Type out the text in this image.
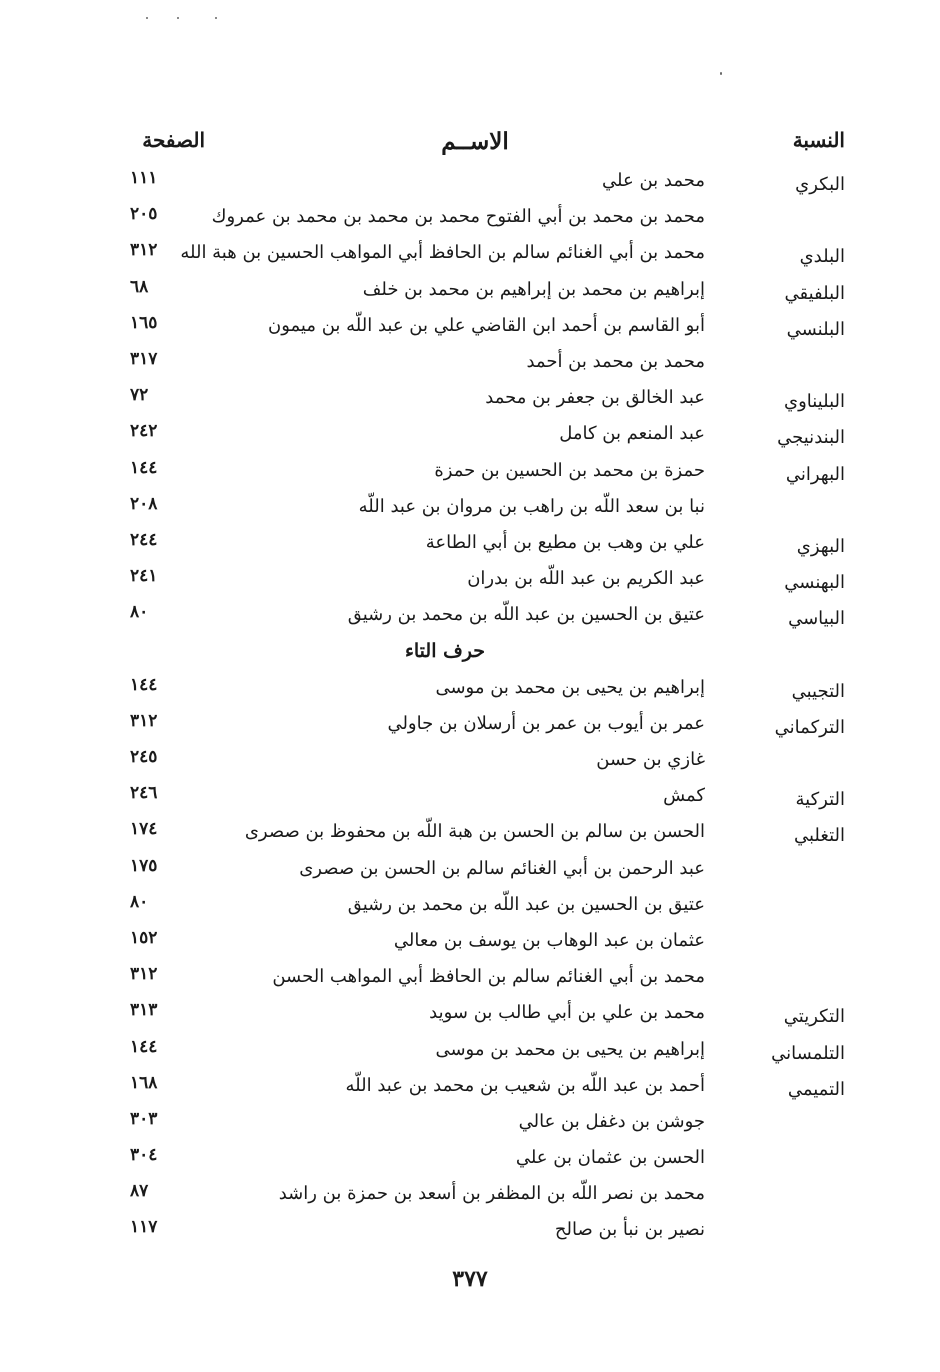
النسبة
الاســم
الصفحة
البكري
محمد بن علي
١١١
محمد بن محمد بن أبي الفتوح محمد بن محمد بن محمد بن عمروك
٢٠٥
البلدي
محمد بن أبي الغنائم سالم بن الحافظ أبي المواهب الحسين بن هبة الله
٣١٢
البلفيقي
إبراهيم بن محمد بن إبراهيم بن محمد بن خلف
٦٨
البلنسي
أبو القاسم بن أحمد ابن القاضي علي بن عبد اللّه بن ميمون
١٦٥
محمد بن محمد بن أحمد
٣١٧
البليناوي
عبد الخالق بن جعفر بن محمد
٧٢
البندنيجي
عبد المنعم بن كامل
٢٤٢
البهراني
حمزة بن محمد بن الحسين بن حمزة
١٤٤
نبا بن سعد اللّه بن راهب بن مروان بن عبد اللّه
٢٠٨
البهزي
علي بن وهب بن مطيع بن أبي الطاعة
٢٤٤
البهنسي
عبد الكريم بن عبد اللّه بن بدران
٢٤١
البياسي
عتيق بن الحسين بن عبد اللّه بن محمد بن رشيق
٨٠
حرف التاء
التجيبي
إبراهيم بن يحيى بن محمد بن موسى
١٤٤
التركماني
عمر بن أيوب بن عمر بن أرسلان بن جاولي
٣١٢
غازي بن حسن
٢٤٥
التركية
كمش
٢٤٦
التغلبي
الحسن بن سالم بن الحسن بن هبة اللّه بن محفوظ بن صصرى
١٧٤
عبد الرحمن بن أبي الغنائم سالم بن الحسن بن صصرى
١٧٥
عتيق بن الحسين بن عبد اللّه بن محمد بن رشيق
٨٠
عثمان بن عبد الوهاب بن يوسف بن معالي
١٥٢
محمد بن أبي الغنائم سالم بن الحافظ أبي المواهب الحسن
٣١٢
التكريتي
محمد بن علي بن أبي طالب بن سويد
٣١٣
التلمساني
إبراهيم بن يحيى بن محمد بن موسى
١٤٤
التميمي
أحمد بن عبد اللّه بن شعيب بن محمد بن عبد اللّه
١٦٨
جوشن بن دغفل بن عالي
٣٠٣
الحسن بن عثمان بن علي
٣٠٤
محمد بن نصر اللّه بن المظفر بن أسعد بن حمزة بن راشد
٨٧
نصير بن نبأ بن صالح
١١٧
٣٧٧
